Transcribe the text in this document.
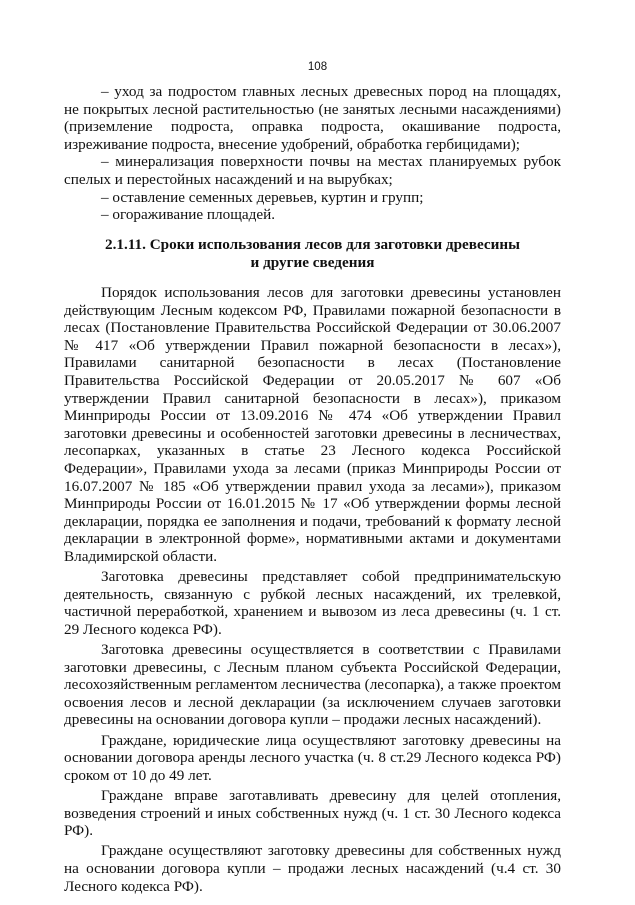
108

– уход за подростом главных лесных древесных пород на площадях, не покрытых лесной растительностью (не занятых лесными насаждениями) (приземление подроста, оправка подроста, окашивание подроста, изреживание подроста, внесение удобрений, обработка гербицидами);

– минерализация поверхности почвы на местах планируемых рубок спелых и перестойных насаждений и на вырубках;

– оставление семенных деревьев, куртин и групп;

– огораживание площадей.

2.1.11. Сроки использования лесов для заготовки древесины
и другие сведения

Порядок использования лесов для заготовки древесины установлен действующим Лесным кодексом РФ, Правилами пожарной безопасности в лесах (Постановление Правительства Российской Федерации от 30.06.2007 № 417 «Об утверждении Правил пожарной безопасности в лесах»), Правилами санитарной безопасности в лесах (Постановление Правительства Российской Федерации от 20.05.2017 № 607 «Об утверждении Правил санитарной безопасности в лесах»), приказом Минприроды России от 13.09.2016 № 474 «Об утверждении Правил заготовки древесины и особенностей заготовки древесины в лесничествах, лесопарках, указанных в статье 23 Лесного кодекса Российской Федерации», Правилами ухода за лесами (приказ Минприроды России от 16.07.2007 № 185 «Об утверждении правил ухода за лесами»), приказом Минприроды России от 16.01.2015 № 17 «Об утверждении формы лесной декларации, порядка ее заполнения и подачи, требований к формату лесной декларации в электронной форме», нормативными актами и документами Владимирской области.

Заготовка древесины представляет собой предпринимательскую деятельность, связанную с рубкой лесных насаждений, их трелевкой, частичной переработкой, хранением и вывозом из леса древесины (ч. 1 ст. 29 Лесного кодекса РФ).

Заготовка древесины осуществляется в соответствии с Правилами заготовки древесины, с Лесным планом субъекта Российской Федерации, лесохозяйственным регламентом лесничества (лесопарка), а также проектом освоения лесов и лесной декларации (за исключением случаев заготовки древесины на основании договора купли – продажи лесных насаждений).

Граждане, юридические лица осуществляют заготовку древесины на основании договора аренды лесного участка (ч. 8 ст.29 Лесного кодекса РФ) сроком от 10 до 49 лет.

Граждане вправе заготавливать древесину для целей отопления, возведения строений и иных собственных нужд (ч. 1 ст. 30 Лесного кодекса РФ).

Граждане осуществляют заготовку древесины для собственных нужд на основании договора купли – продажи лесных насаждений (ч.4 ст. 30 Лесного кодекса РФ).
